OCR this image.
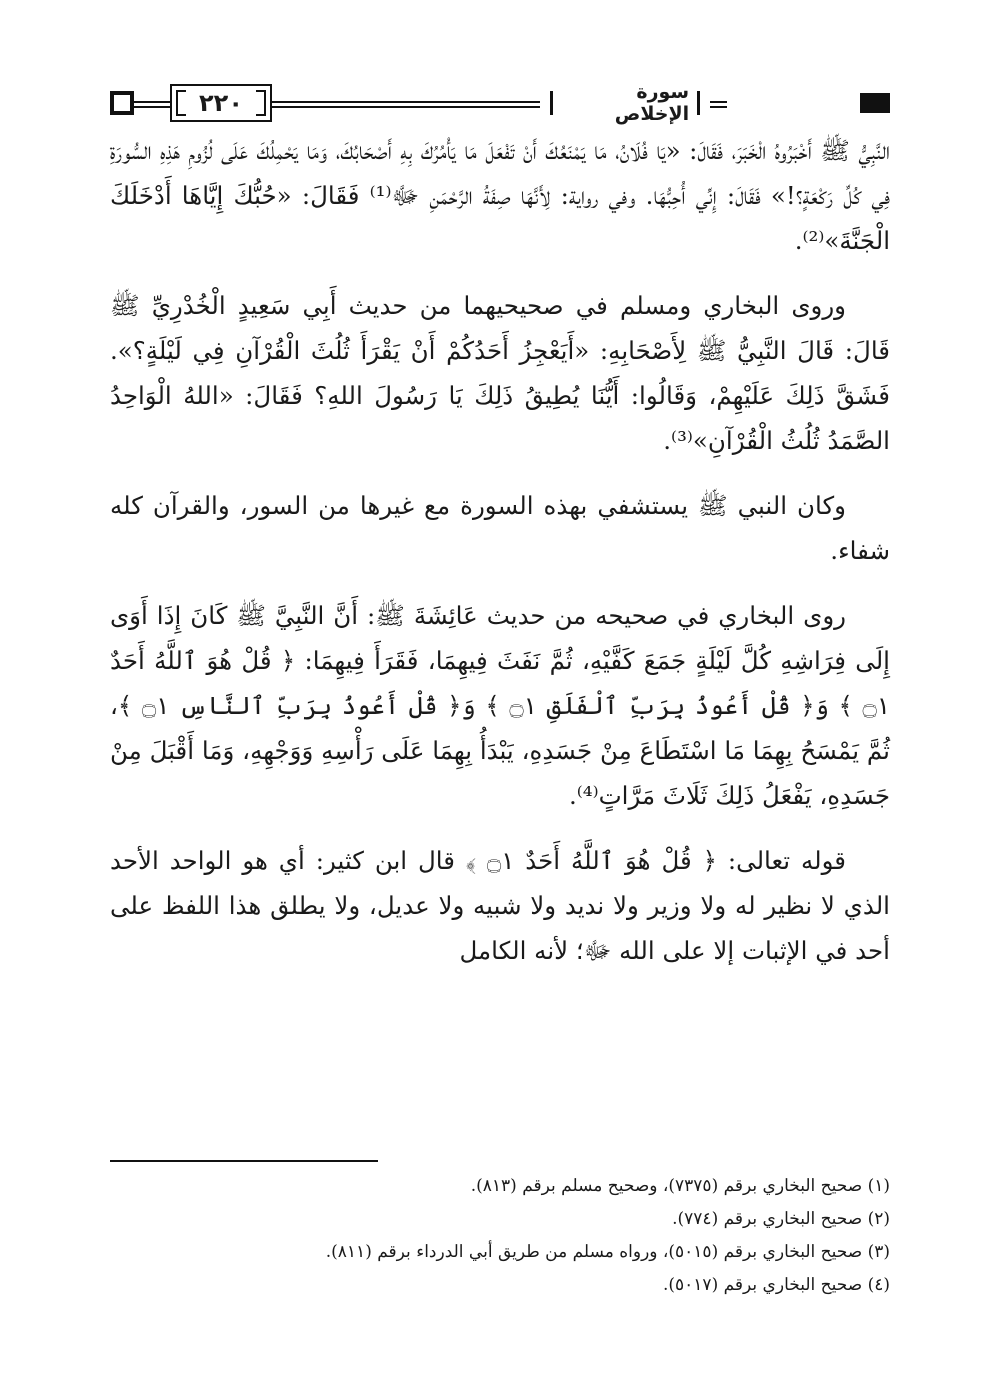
٢٢٠	سورة الإخلاص

النَّبِيُّ ﷺ أَخْبَرُوهُ الْخَبَرَ، فَقَالَ: «يَا فُلَانُ، مَا يَمْنَعُكَ أَنْ تَفْعَلَ مَا يَأْمُرُكَ بِهِ أَصْحَابُكَ، وَمَا يَحْمِلُكَ عَلَى لُزُومِ هَذِهِ السُّورَةِ فِي كُلِّ رَكْعَةٍ؟!» فَقَالَ: إِنِّي أُحِبُّهَا. وفي رواية: لِأَنَّهَا صِفَةُ الرَّحْمَنِ ﷻ⁽¹⁾ فَقَالَ: «حُبُّكَ إِيَّاهَا أَدْخَلَكَ الْجَنَّةَ»⁽²⁾.

وروى البخاري ومسلم في صحيحيهما من حديث أَبِي سَعِيدٍ الْخُدْرِيِّ ﷺ قَالَ: قَالَ النَّبِيُّ ﷺ لِأَصْحَابِهِ: «أَيَعْجِزُ أَحَدُكُمْ أَنْ يَقْرَأَ ثُلُثَ الْقُرْآنِ فِي لَيْلَةٍ؟». فَشَقَّ ذَلِكَ عَلَيْهِمْ، وَقَالُوا: أَيُّنَا يُطِيقُ ذَلِكَ يَا رَسُولَ اللهِ؟ فَقَالَ: «اللهُ الْوَاحِدُ الصَّمَدُ ثُلُثُ الْقُرْآنِ»⁽³⁾.

وكان النبي ﷺ يستشفي بهذه السورة مع غيرها من السور، والقرآن كله شفاء.

روى البخاري في صحيحه من حديث عَائِشَةَ ﷺ: أَنَّ النَّبِيَّ ﷺ كَانَ إِذَا أَوَى إِلَى فِرَاشِهِ كُلَّ لَيْلَةٍ جَمَعَ كَفَّيْهِ، ثُمَّ نَفَثَ فِيهِمَا، فَقَرَأَ فِيهِمَا: ﴿ قُلْ هُوَ ٱللَّهُ أَحَدٌ ۝١ ﴾ وَ﴿ قُلْ أَعُوذُ بِرَبِّ ٱلْفَلَقِ ۝١ ﴾ وَ﴿ قُلْ أَعُوذُ بِرَبِّ ٱلنَّاسِ ۝١ ﴾، ثُمَّ يَمْسَحُ بِهِمَا مَا اسْتَطَاعَ مِنْ جَسَدِهِ، يَبْدَأُ بِهِمَا عَلَى رَأْسِهِ وَوَجْهِهِ، وَمَا أَقْبَلَ مِنْ جَسَدِهِ، يَفْعَلُ ذَلِكَ ثَلَاثَ مَرَّاتٍ⁽⁴⁾.

قوله تعالى: ﴿ قُلْ هُوَ ٱللَّهُ أَحَدٌ ۝١ ﴾ قال ابن كثير: أي هو الواحد الأحد الذي لا نظير له ولا وزير ولا نديد ولا شبيه ولا عديل، ولا يطلق هذا اللفظ على أحد في الإثبات إلا على الله ﷻ؛ لأنه الكامل

(١) صحيح البخاري برقم (٧٣٧٥)، وصحيح مسلم برقم (٨١٣).
(٢) صحيح البخاري برقم (٧٧٤).
(٣) صحيح البخاري برقم (٥٠١٥)، ورواه مسلم من طريق أبي الدرداء برقم (٨١١).
(٤) صحيح البخاري برقم (٥٠١٧).
